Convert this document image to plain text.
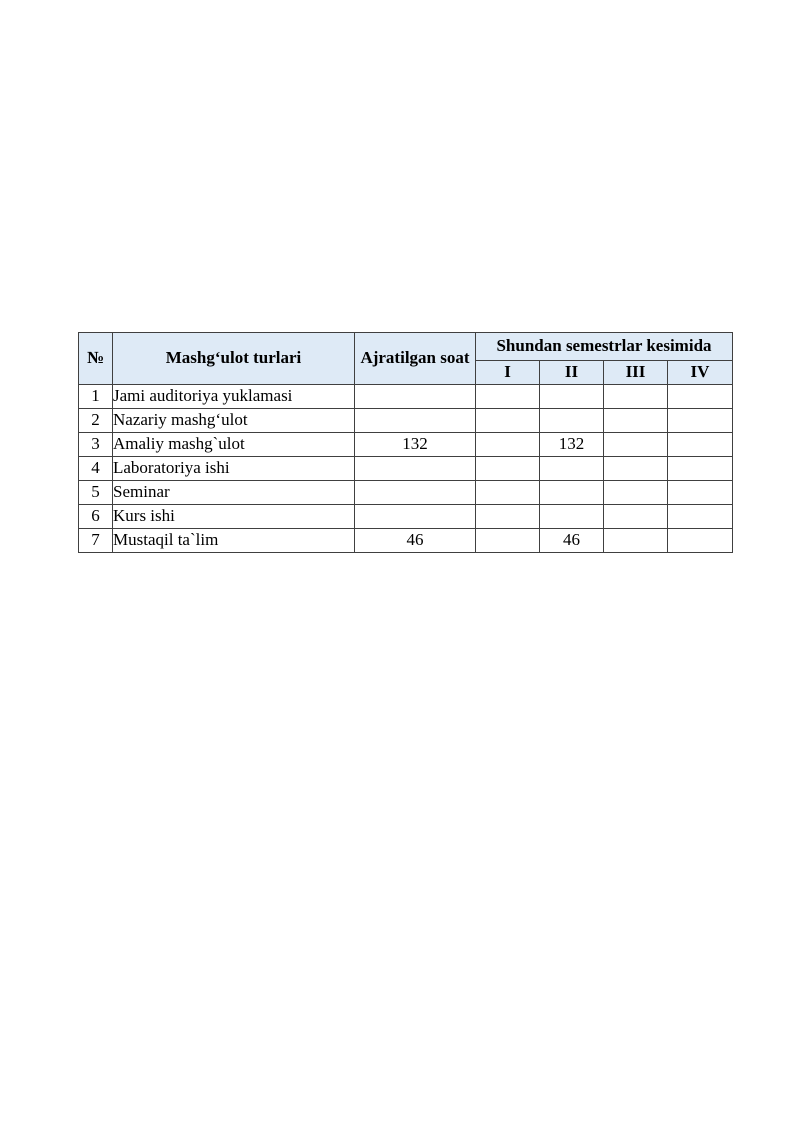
№	Mashg‘ulot turlari	Ajratilgan soat	Shundan semestrlar kesimida			
			I	II	III	IV
1	Jami auditoriya yuklamasi					
2	Nazariy mashg‘ulot					
3	Amaliy mashg`ulot	132		132		
4	Laboratoriya ishi					
5	Seminar					
6	Kurs ishi					
7	Mustaqil ta`lim	46		46		
